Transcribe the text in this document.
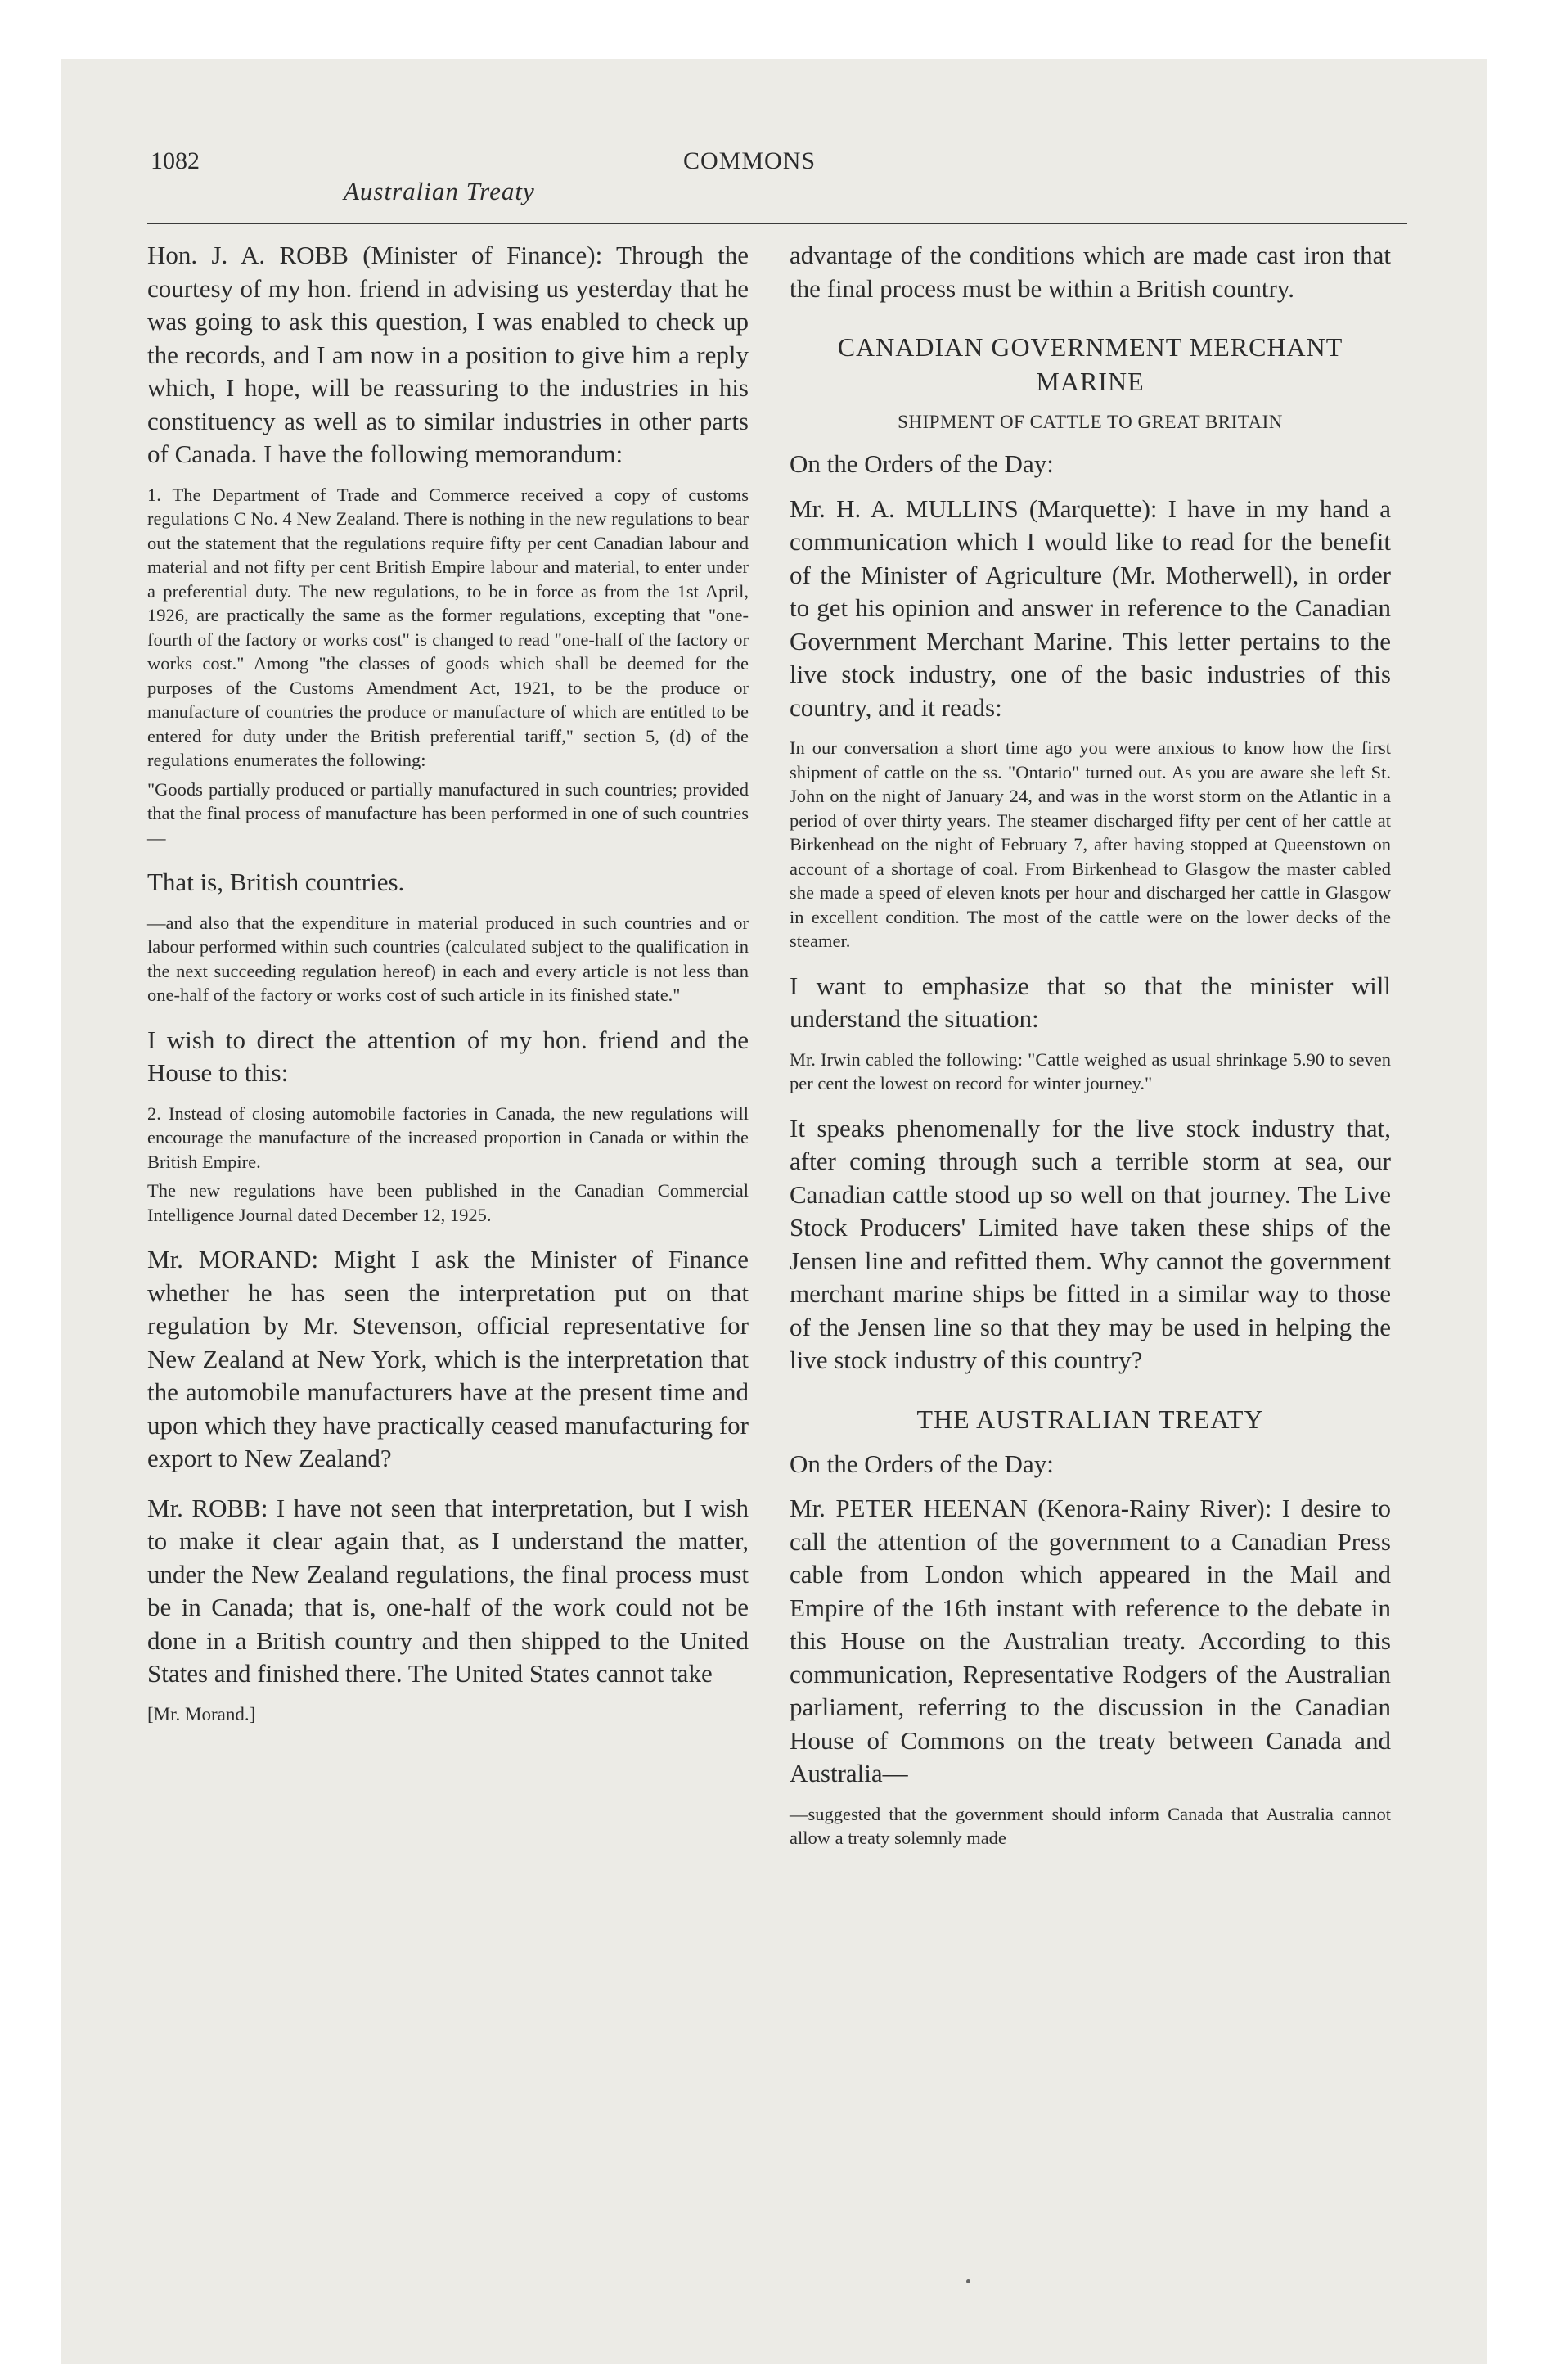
1082	COMMONS
Australian Treaty

Hon. J. A. ROBB (Minister of Finance): Through the courtesy of my hon. friend in advising us yesterday that he was going to ask this question, I was enabled to check up the records, and I am now in a position to give him a reply which, I hope, will be reassuring to the industries in his constituency as well as to similar industries in other parts of Canada. I have the following memorandum:

1. The Department of Trade and Commerce received a copy of customs regulations C No. 4 New Zealand. There is nothing in the new regulations to bear out the statement that the regulations require fifty per cent Canadian labour and material and not fifty per cent British Empire labour and material, to enter under a preferential duty. The new regulations, to be in force as from the 1st April, 1926, are practically the same as the former regulations, excepting that "one-fourth of the factory or works cost" is changed to read "one-half of the factory or works cost." Among "the classes of goods which shall be deemed for the purposes of the Customs Amendment Act, 1921, to be the produce or manufacture of countries the produce or manufacture of which are entitled to be entered for duty under the British preferential tariff," section 5, (d) of the regulations enumerates the following:

"Goods partially produced or partially manufactured in such countries; provided that the final process of manufacture has been performed in one of such countries—

That is, British countries.

—and also that the expenditure in material produced in such countries and or labour performed within such countries (calculated subject to the qualification in the next succeeding regulation hereof) in each and every article is not less than one-half of the factory or works cost of such article in its finished state."

I wish to direct the attention of my hon. friend and the House to this:

2. Instead of closing automobile factories in Canada, the new regulations will encourage the manufacture of the increased proportion in Canada or within the British Empire.

The new regulations have been published in the Canadian Commercial Intelligence Journal dated December 12, 1925.

Mr. MORAND: Might I ask the Minister of Finance whether he has seen the interpretation put on that regulation by Mr. Stevenson, official representative for New Zealand at New York, which is the interpretation that the automobile manufacturers have at the present time and upon which they have practically ceased manufacturing for export to New Zealand?

Mr. ROBB: I have not seen that interpretation, but I wish to make it clear again that, as I understand the matter, under the New Zealand regulations, the final process must be in Canada; that is, one-half of the work could not be done in a British country and then shipped to the United States and finished there. The United States cannot take

[Mr. Morand.]

advantage of the conditions which are made cast iron that the final process must be within a British country.

CANADIAN GOVERNMENT MERCHANT MARINE
SHIPMENT OF CATTLE TO GREAT BRITAIN

On the Orders of the Day:

Mr. H. A. MULLINS (Marquette): I have in my hand a communication which I would like to read for the benefit of the Minister of Agriculture (Mr. Motherwell), in order to get his opinion and answer in reference to the Canadian Government Merchant Marine. This letter pertains to the live stock industry, one of the basic industries of this country, and it reads:

In our conversation a short time ago you were anxious to know how the first shipment of cattle on the ss. "Ontario" turned out. As you are aware she left St. John on the night of January 24, and was in the worst storm on the Atlantic in a period of over thirty years. The steamer discharged fifty per cent of her cattle at Birkenhead on the night of February 7, after having stopped at Queenstown on account of a shortage of coal. From Birkenhead to Glasgow the master cabled she made a speed of eleven knots per hour and discharged her cattle in Glasgow in excellent condition. The most of the cattle were on the lower decks of the steamer.

I want to emphasize that so that the minister will understand the situation:

Mr. Irwin cabled the following: "Cattle weighed as usual shrinkage 5.90 to seven per cent the lowest on record for winter journey."

It speaks phenomenally for the live stock industry that, after coming through such a terrible storm at sea, our Canadian cattle stood up so well on that journey. The Live Stock Producers' Limited have taken these ships of the Jensen line and refitted them. Why cannot the government merchant marine ships be fitted in a similar way to those of the Jensen line so that they may be used in helping the live stock industry of this country?

THE AUSTRALIAN TREATY

On the Orders of the Day:

Mr. PETER HEENAN (Kenora-Rainy River): I desire to call the attention of the government to a Canadian Press cable from London which appeared in the Mail and Empire of the 16th instant with reference to the debate in this House on the Australian treaty. According to this communication, Representative Rodgers of the Australian parliament, referring to the discussion in the Canadian House of Commons on the treaty between Canada and Australia—

—suggested that the government should inform Canada that Australia cannot allow a treaty solemnly made
